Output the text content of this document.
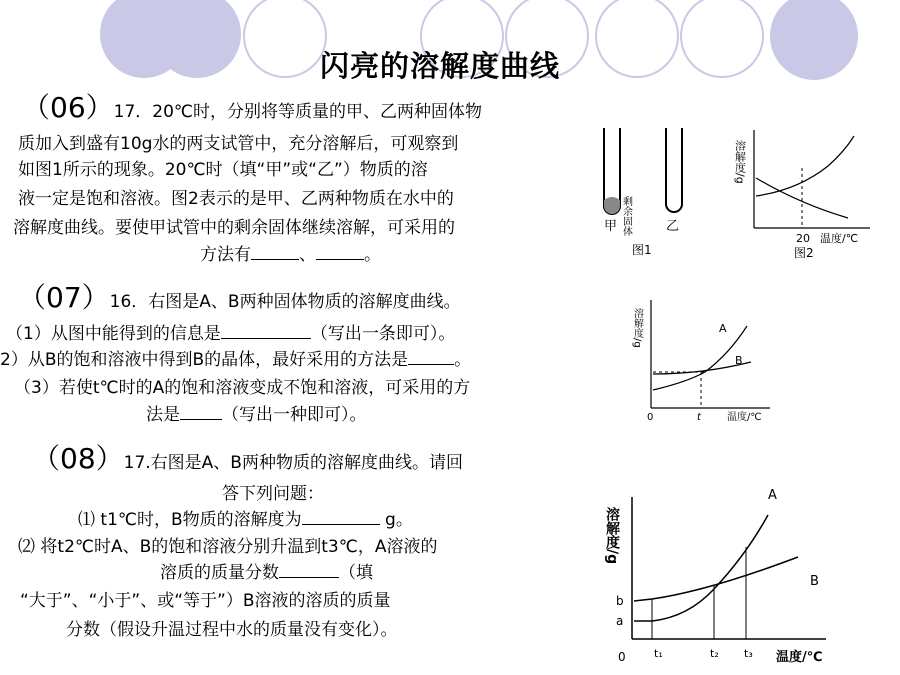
闪亮的溶解度曲线
（06）17．20℃时，分别将等质量的甲、乙两种固体物
质加入到盛有10g水的两支试管中，充分溶解后，可观察到
如图1所示的现象。20℃时（填“甲”或“乙”）物质的溶
液一定是饱和溶液。图2表示的是甲、乙两种物质在水中的
溶解度曲线。要使甲试管中的剩余固体继续溶解，可采用的
方法有	、	。
剩余固体
甲	乙
图1
溶解度/g
20 温度/℃
图2
（07）16．右图是A、B两种固体物质的溶解度曲线。
（1）从图中能得到的信息是	（写出一条即可）。
2）从B的饱和溶液中得到B的晶体，最好采用的方法是	。
（3）若使t℃时的A的饱和溶液变成不饱和溶液，可采用的方
法是 （写出一种即可）。
溶解度/g	A
B
0	t	温度/℃
（08）17.右图是A、B两种物质的溶解度曲线。请回
答下列问题：
⑴ t1℃时，B物质的溶解度为	g。
⑵ 将t2℃时A、B的饱和溶液分别升温到t3℃，A溶液的
溶质的质量分数	（填
“大于”、“小于”、或“等于”）B溶液的溶质的质量
分数（假设升温过程中水的质量没有变化）。
溶解度/g
A
B
b
a
0	t₁	t₂ t₃ 温度/℃
